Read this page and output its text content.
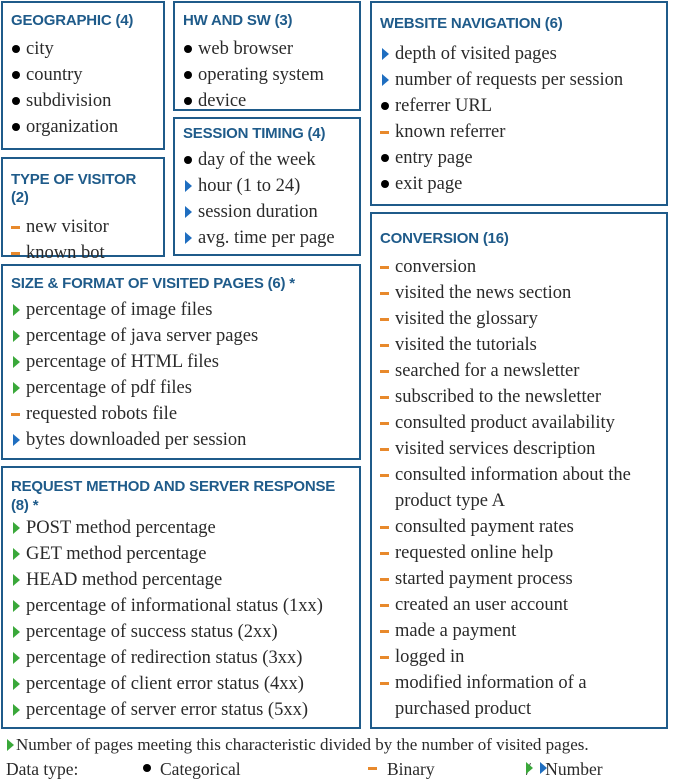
GEOGRAPHIC (4)
city
country
subdivision
organization
HW AND SW (3)
web browser
operating system
device
WEBSITE NAVIGATION (6)
depth of visited pages
number of requests per session
referrer URL
known referrer
entry page
exit page
TYPE OF VISITOR (2)
new visitor
known bot
SESSION TIMING (4)
day of the week
hour (1 to 24)
session duration
avg. time per page
SIZE & FORMAT OF VISITED PAGES (6) *
percentage of image files
percentage of java server pages
percentage of HTML files
percentage of pdf files
requested robots file
bytes downloaded per session
REQUEST METHOD AND SERVER RESPONSE (8) *
POST method percentage
GET method percentage
HEAD method percentage
percentage of informational status (1xx)
percentage of success status (2xx)
percentage of redirection status (3xx)
percentage of client error status (4xx)
percentage of server error status (5xx)
CONVERSION (16)
conversion
visited the news section
visited the glossary
visited the tutorials
searched for a newsletter
subscribed to the newsletter
consulted product availability
visited services description
consulted information about the product type A
consulted payment rates
requested online help
started payment process
created an user account
made a payment
logged in
modified information of a purchased product
Number of pages meeting this characteristic divided by the number of visited pages.
Data type:	Categorical	Binary	/ Number
